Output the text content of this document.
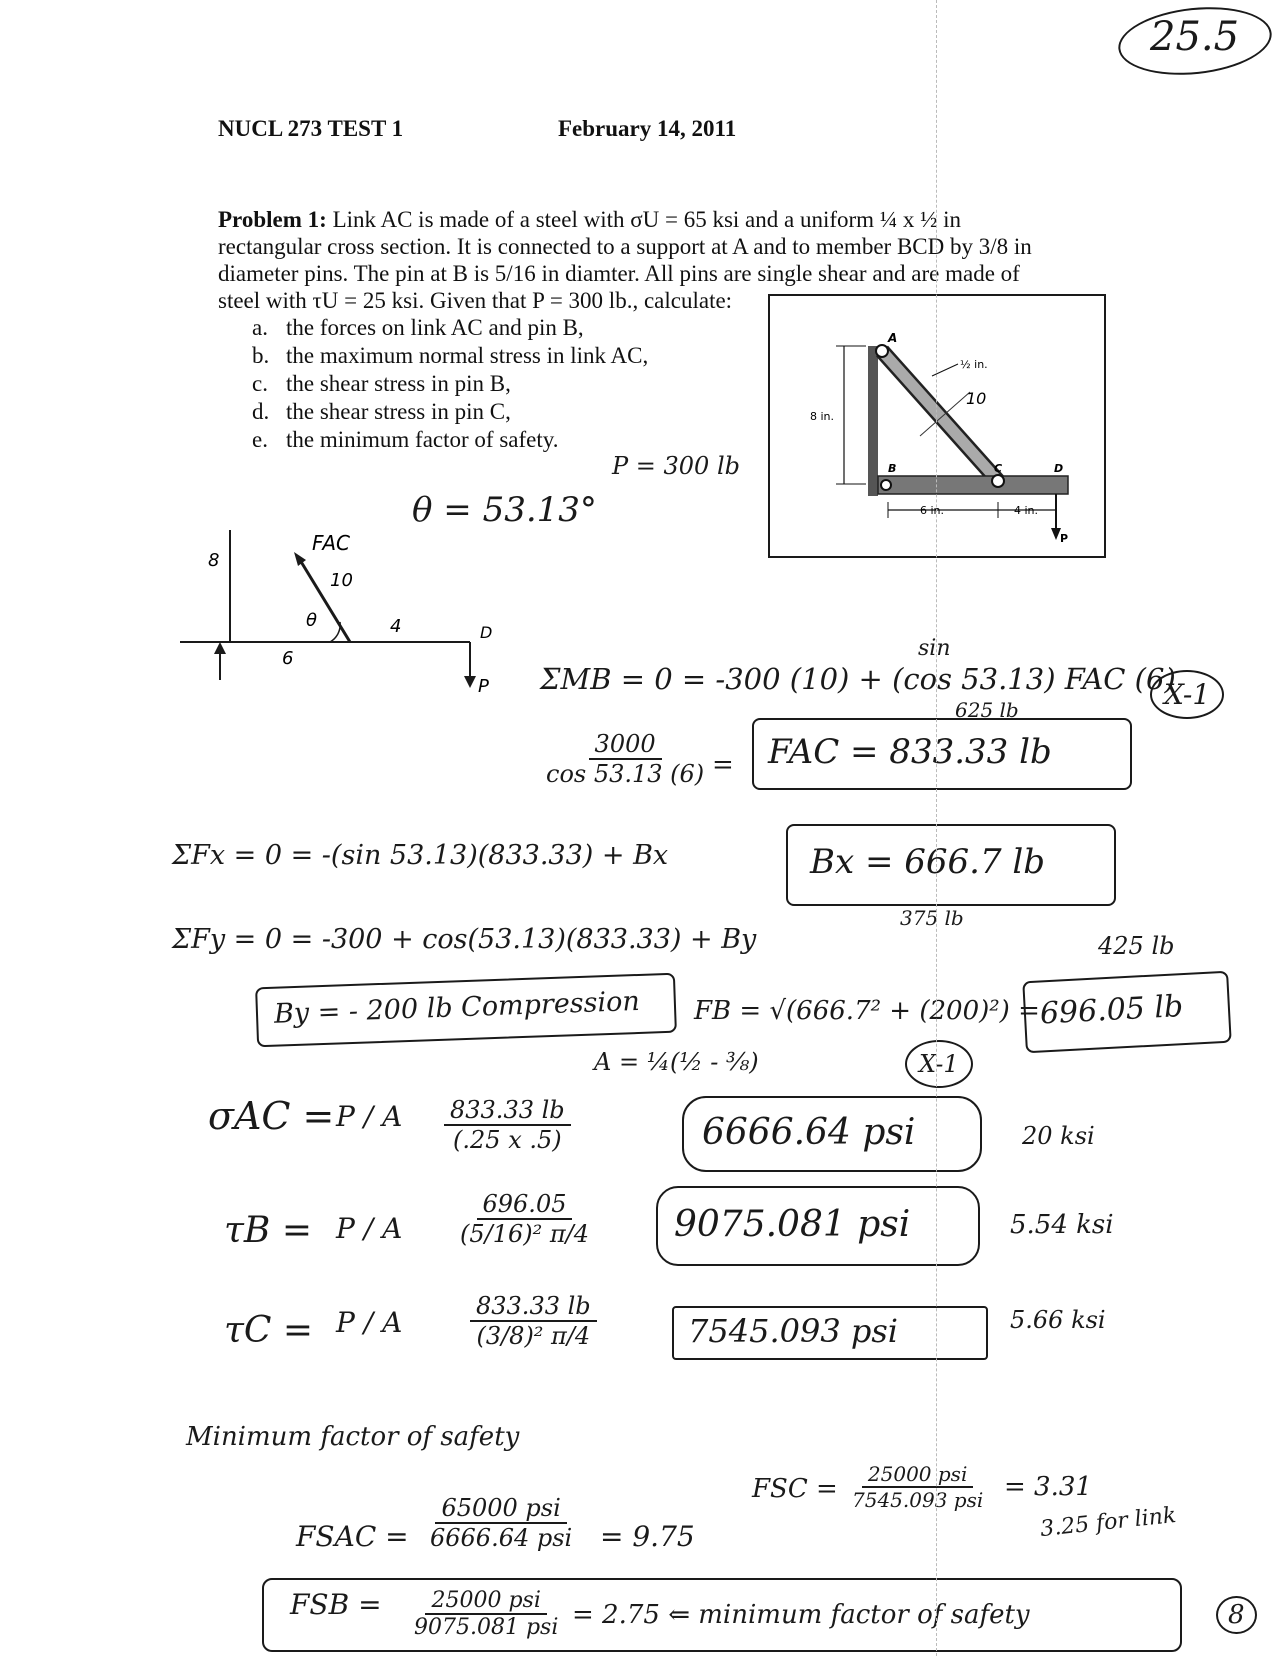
25.5
NUCL 273 TEST 1	February 14, 2011
Problem 1: Link AC is made of a steel with σU = 65 ksi and a uniform ¼ x ½ in rectangular cross section. It is connected to a support at A and to member BCD by 3/8 in diameter pins. The pin at B is 5/16 in diamter. All pins are single shear and are made of steel with τU = 25 ksi. Given that P = 300 lb., calculate:
a. the forces on link AC and pin B,
b. the maximum normal stress in link AC,
c. the shear stress in pin B,
d. the shear stress in pin C,
e. the minimum factor of safety.
A
B	C	D
P
8 in.
½ in.
6 in.	4 in.
10
P = 300 lb
θ = 53.13°
FAC
10
8
θ	4
6
D
P
sin
ΣMB = 0 = -300 (10) + (cos 53.13) FAC (6)
625 lb	X-1
$\frac{3000}{\cos 53.13 (6)}$ =	FAC = 833.33 lb
ΣFx = 0 = -(sin 53.13)(833.33) + Bx	Bx = 666.7 lb
375 lb
ΣFy = 0 = -300 + cos(53.13)(833.33) + By	425 lb
By = - 200 lb Compression	FB = √(666.7² + (200)²) = 696.05 lb
A = ¼(½ - ⅜)	X-1
σAC = P / A $\frac{833.33 lb}{(.25 x .5)}$	6666.64 psi	20 ksi
τB = P / A $\frac{696.05}{\text{(5/16)² π/4}}$	9075.081 psi	5.54 ksi
τC = P / A	$\frac{833.33 lb}{\text{(3/8)² π/4}}$	7545.093 psi	5.66 ksi
Minimum factor of safety
FSAC =
65000 psi
6666.64 psi = 9.75
FSC =	25000 psi
7545.093 psi = 3.31
3.25 for link
FSB = 25000 psi
9075.081 psi = 2.75 ⇐ minimum factor of safety	8
